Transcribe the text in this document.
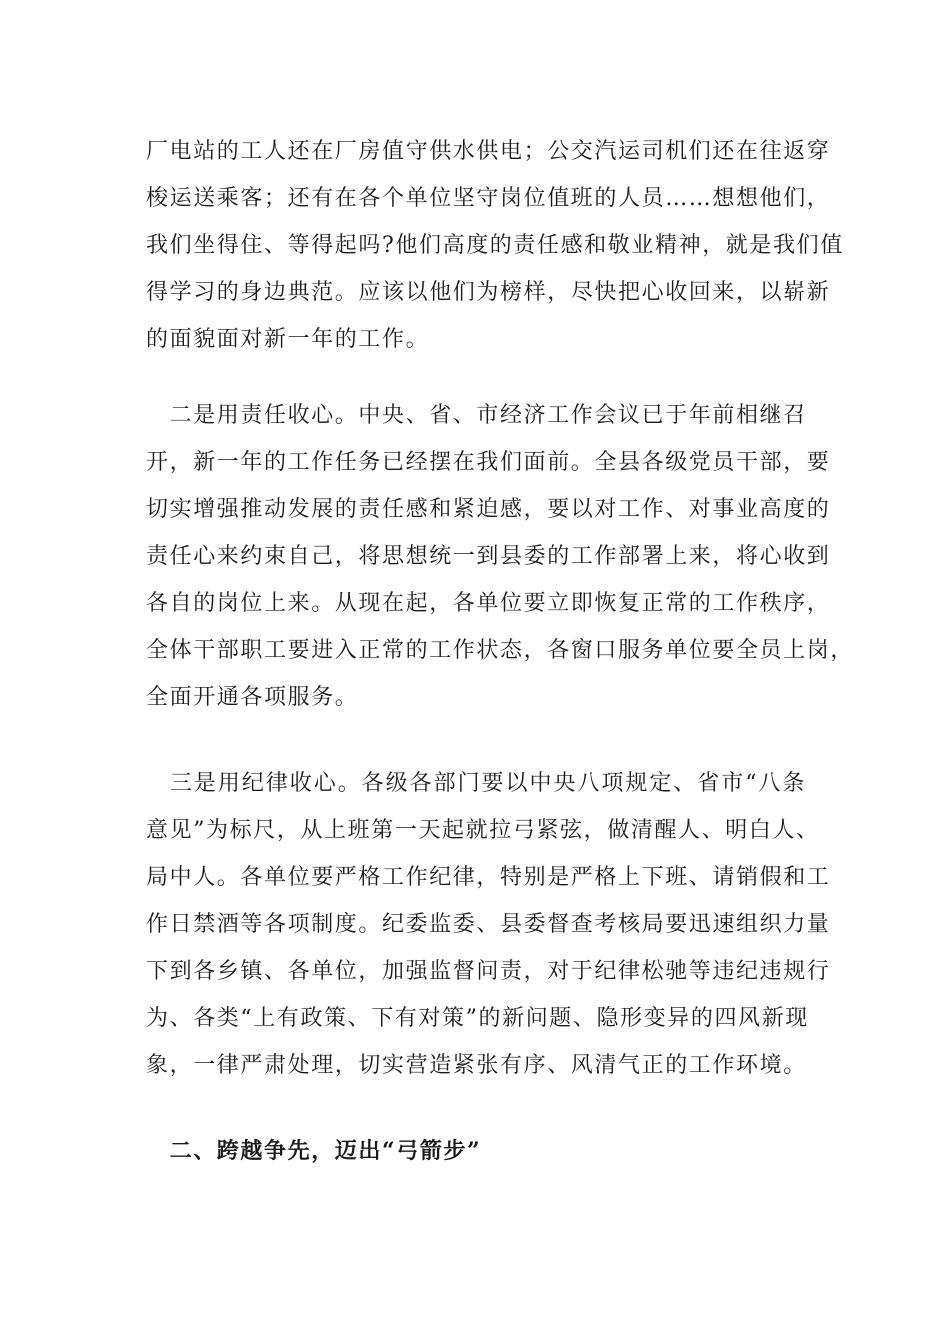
厂电站的工人还在厂房值守供水供电；公交汽运司机们还在往返穿
梭运送乘客；还有在各个单位坚守岗位值班的人员……想想他们，
我们坐得住、等得起吗?他们高度的责任感和敬业精神，就是我们值
得学习的身边典范。应该以他们为榜样，尽快把心收回来，以崭新
的面貌面对新一年的工作。
　二是用责任收心。中央、省、市经济工作会议已于年前相继召
开，新一年的工作任务已经摆在我们面前。全县各级党员干部，要
切实增强推动发展的责任感和紧迫感，要以对工作、对事业高度的
责任心来约束自己，将思想统一到县委的工作部署上来，将心收到
各自的岗位上来。从现在起，各单位要立即恢复正常的工作秩序，
全体干部职工要进入正常的工作状态，各窗口服务单位要全员上岗，
全面开通各项服务。
　三是用纪律收心。各级各部门要以中央八项规定、省市“八条
意见”为标尺，从上班第一天起就拉弓紧弦，做清醒人、明白人、
局中人。各单位要严格工作纪律，特别是严格上下班、请销假和工
作日禁酒等各项制度。纪委监委、县委督查考核局要迅速组织力量
下到各乡镇、各单位，加强监督问责，对于纪律松驰等违纪违规行
为、各类“上有政策、下有对策”的新问题、隐形变异的四风新现
象，一律严肃处理，切实营造紧张有序、风清气正的工作环境。
　二、跨越争先，迈出“弓箭步”
